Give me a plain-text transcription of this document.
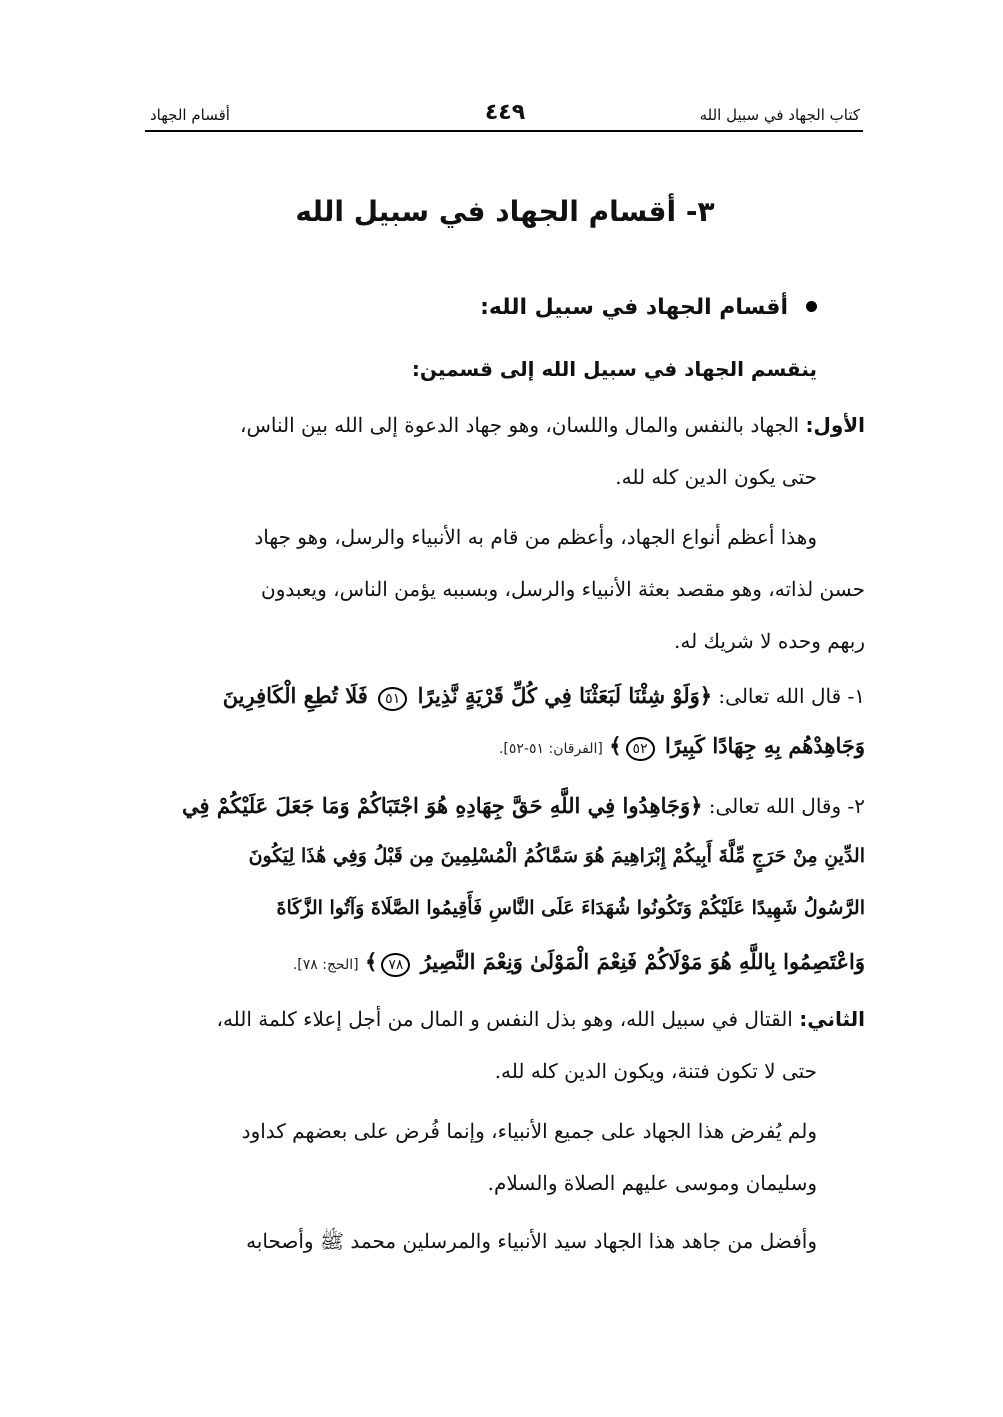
كتاب الجهاد في سبيل الله
٤٤٩
أقسام الجهاد
٣- أقسام الجهاد في سبيل الله
أقسام الجهاد في سبيل الله:
ينقسم الجهاد في سبيل الله إلى قسمين:
الأول: الجهاد بالنفس والمال واللسان، وهو جهاد الدعوة إلى الله بين الناس،
حتى يكون الدين كله لله.
وهذا أعظم أنواع الجهاد، وأعظم من قام به الأنبياء والرسل، وهو جهاد
حسن لذاته، وهو مقصد بعثة الأنبياء والرسل، وبسببه يؤمن الناس، ويعبدون
ربهم وحده لا شريك له.
١- قال الله تعالى: ﴿وَلَوْ شِئْنَا لَبَعَثْنَا فِي كُلِّ قَرْيَةٍ نَّذِيرًا ٥١ فَلَا تُطِعِ الْكَافِرِينَ
وَجَاهِدْهُم بِهِ جِهَادًا كَبِيرًا ٥٢﴾ [الفرقان: ٥١-٥٢].
٢- وقال الله تعالى: ﴿وَجَاهِدُوا فِي اللَّهِ حَقَّ جِهَادِهِ هُوَ اجْتَبَاكُمْ وَمَا جَعَلَ عَلَيْكُمْ فِي
الدِّينِ مِنْ حَرَجٍ مِّلَّةَ أَبِيكُمْ إِبْرَاهِيمَ هُوَ سَمَّاكُمُ الْمُسْلِمِينَ مِن قَبْلُ وَفِي هَٰذَا لِيَكُونَ
الرَّسُولُ شَهِيدًا عَلَيْكُمْ وَتَكُونُوا شُهَدَاءَ عَلَى النَّاسِ فَأَقِيمُوا الصَّلَاةَ وَآتُوا الزَّكَاةَ
وَاعْتَصِمُوا بِاللَّهِ هُوَ مَوْلَاكُمْ فَنِعْمَ الْمَوْلَىٰ وَنِعْمَ النَّصِيرُ ٧٨﴾ [الحج: ٧٨].
الثاني: القتال في سبيل الله، وهو بذل النفس و المال من أجل إعلاء كلمة الله،
حتى لا تكون فتنة، ويكون الدين كله لله.
ولم يُفرض هذا الجهاد على جميع الأنبياء، وإنما فُرض على بعضهم كداود
وسليمان وموسى عليهم الصلاة والسلام.
وأفضل من جاهد هذا الجهاد سيد الأنبياء والمرسلين محمد ﷺ وأصحابه
